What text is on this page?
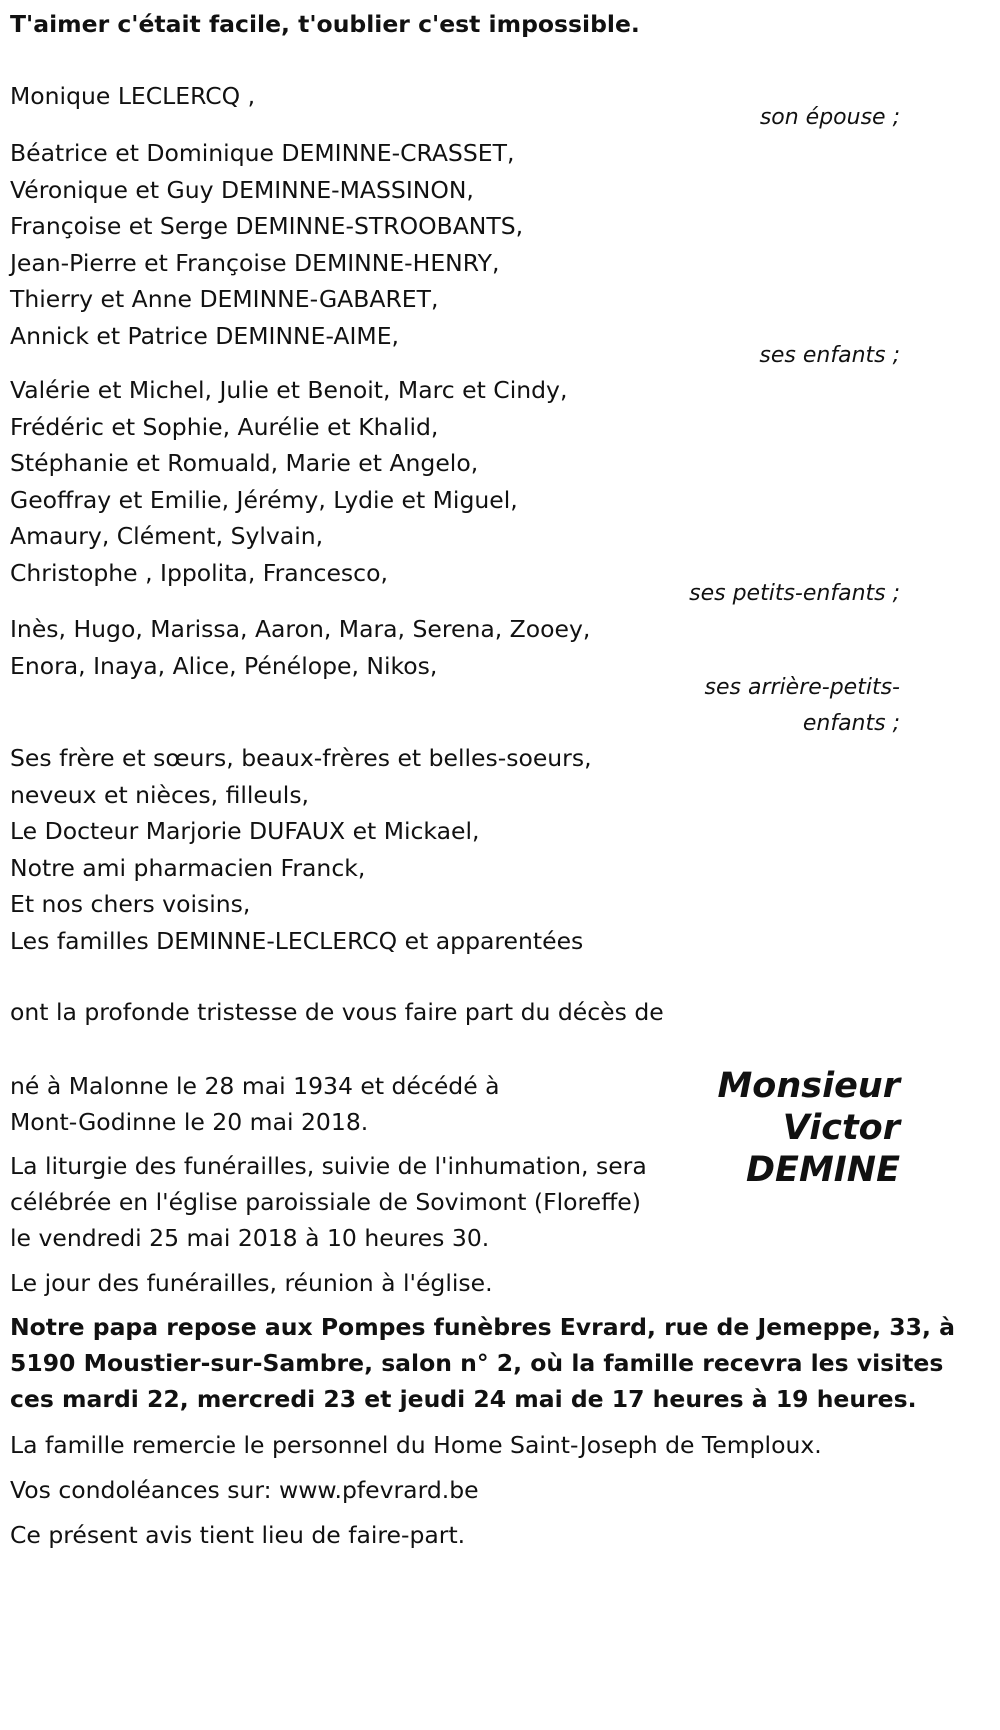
T'aimer c'était facile, t'oublier c'est impossible.
Monique LECLERCQ ,
son épouse ;
Béatrice et Dominique DEMINNE-CRASSET,
Véronique et Guy DEMINNE-MASSINON,
Françoise et Serge DEMINNE-STROOBANTS,
Jean-Pierre et Françoise DEMINNE-HENRY,
Thierry et Anne DEMINNE-GABARET,
Annick et Patrice DEMINNE-AIME,
ses enfants ;
Valérie et Michel, Julie et Benoit, Marc et Cindy,
Frédéric et Sophie, Aurélie et Khalid,
Stéphanie et Romuald, Marie et Angelo,
Geoffray et Emilie, Jérémy, Lydie et Miguel,
Amaury, Clément, Sylvain,
Christophe , Ippolita, Francesco,
ses petits-enfants ;
Inès, Hugo, Marissa, Aaron, Mara, Serena, Zooey,
Enora, Inaya, Alice, Pénélope, Nikos,
ses arrière-petits-
enfants ;
Ses frère et sœurs, beaux-frères et belles-soeurs,
neveux et nièces, filleuls,
Le Docteur Marjorie DUFAUX et Mickael,
Notre ami pharmacien Franck,
Et nos chers voisins,
Les familles DEMINNE-LECLERCQ et apparentées
ont la profonde tristesse de vous faire part du décès de
Monsieur
Victor
DEMINE
né à Malonne le 28 mai 1934 et décédé à
Mont-Godinne le 20 mai 2018.
La liturgie des funérailles, suivie de l'inhumation, sera
célébrée en l'église paroissiale de Sovimont (Floreffe)
le vendredi 25 mai 2018 à 10 heures 30.
Le jour des funérailles, réunion à l'église.
Notre papa repose aux Pompes funèbres Evrard, rue de Jemeppe, 33, à
5190 Moustier-sur-Sambre, salon n° 2, où la famille recevra les visites
ces mardi 22, mercredi 23 et jeudi 24 mai de 17 heures à 19 heures.
La famille remercie le personnel du Home Saint-Joseph de Temploux.
Vos condoléances sur: www.pfevrard.be
Ce présent avis tient lieu de faire-part.
